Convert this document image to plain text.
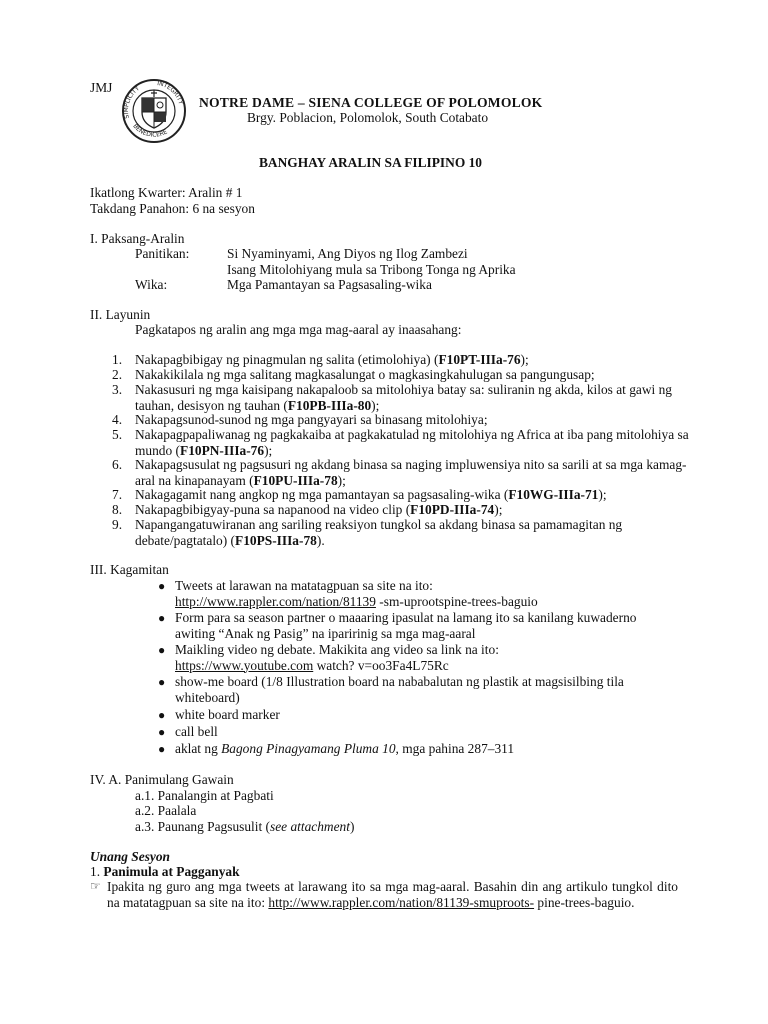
JMJ
SIMPLICITY
INTEGRITY
BENEDICERE
NOTRE DAME – SIENA COLLEGE OF POLOMOLOK
Brgy. Poblacion, Polomolok, South Cotabato
BANGHAY ARALIN SA FILIPINO 10
Ikatlong Kwarter: Aralin # 1
Takdang Panahon: 6 na sesyon
I. Paksang-Aralin
Panitikan:	Si Nyaminyami, Ang Diyos ng Ilog Zambezi
Isang Mitolohiyang mula sa Tribong Tonga ng Aprika
Wika:	Mga Pamantayan sa Pagsasaling-wika
II. Layunin
Pagkatapos ng aralin ang mga mga mag-aaral ay inaasahang:
1. Nakapagbibigay ng pinagmulan ng salita (etimolohiya) (F10PT-IIIa-76);
2. Nakakikilala ng mga salitang magkasalungat o magkasingkahulugan sa pangungusap;
3. Nakasusuri ng mga kaisipang nakapaloob sa mitolohiya batay sa: suliranin ng akda, kilos at gawi ng tauhan, desisyon ng tauhan (F10PB-IIIa-80);
4. Nakapagsunod-sunod ng mga pangyayari sa binasang mitolohiya;
5. Nakapagpapaliwanag ng pagkakaiba at pagkakatulad ng mitolohiya ng Africa at iba pang mitolohiya sa mundo (F10PN-IIIa-76);
6. Nakapagsusulat ng pagsusuri ng akdang binasa sa naging impluwensiya nito sa sarili at sa mga kamag-aral na kinapanayam (F10PU-IIIa-78);
7. Nakagagamit nang angkop ng mga pamantayan sa pagsasaling-wika (F10WG-IIIa-71);
8. Nakapagbibigyay-puna sa napanood na video clip (F10PD-IIIa-74);
9. Napangangatuwiranan ang sariling reaksiyon tungkol sa akdang binasa sa pamamagitan ng debate/pagtatalo) (F10PS-IIIa-78).
III. Kagamitan
● Tweets at larawan na matatagpuan sa site na ito:
http://www.rappler.com/nation/81139 -sm-uprootspine-trees-baguio
● Form para sa season partner o maaaring ipasulat na lamang ito sa kanilang kuwaderno awiting “Anak ng Pasig” na iparirinig sa mga mag-aaral
● Maikling video ng debate. Makikita ang video sa link na ito:
https://www.youtube.com watch? v=oo3Fa4L75Rc
● show-me board (1/8 Illustration board na nababalutan ng plastik at magsisilbing tila whiteboard)
● white board marker
● call bell
● aklat ng Bagong Pinagyamang Pluma 10, mga pahina 287–311
IV. A. Panimulang Gawain
a.1. Panalangin at Pagbati
a.2. Paalala
a.3. Paunang Pagsusulit (see attachment)
Unang Sesyon
1. Panimula at Pagganyak
☞ Ipakita ng guro ang mga tweets at larawang ito sa mga mag-aaral. Basahin din ang artikulo tungkol dito na matatagpuan sa site na ito: http://www.rappler.com/nation/81139-smuproots- pine-trees-baguio.
